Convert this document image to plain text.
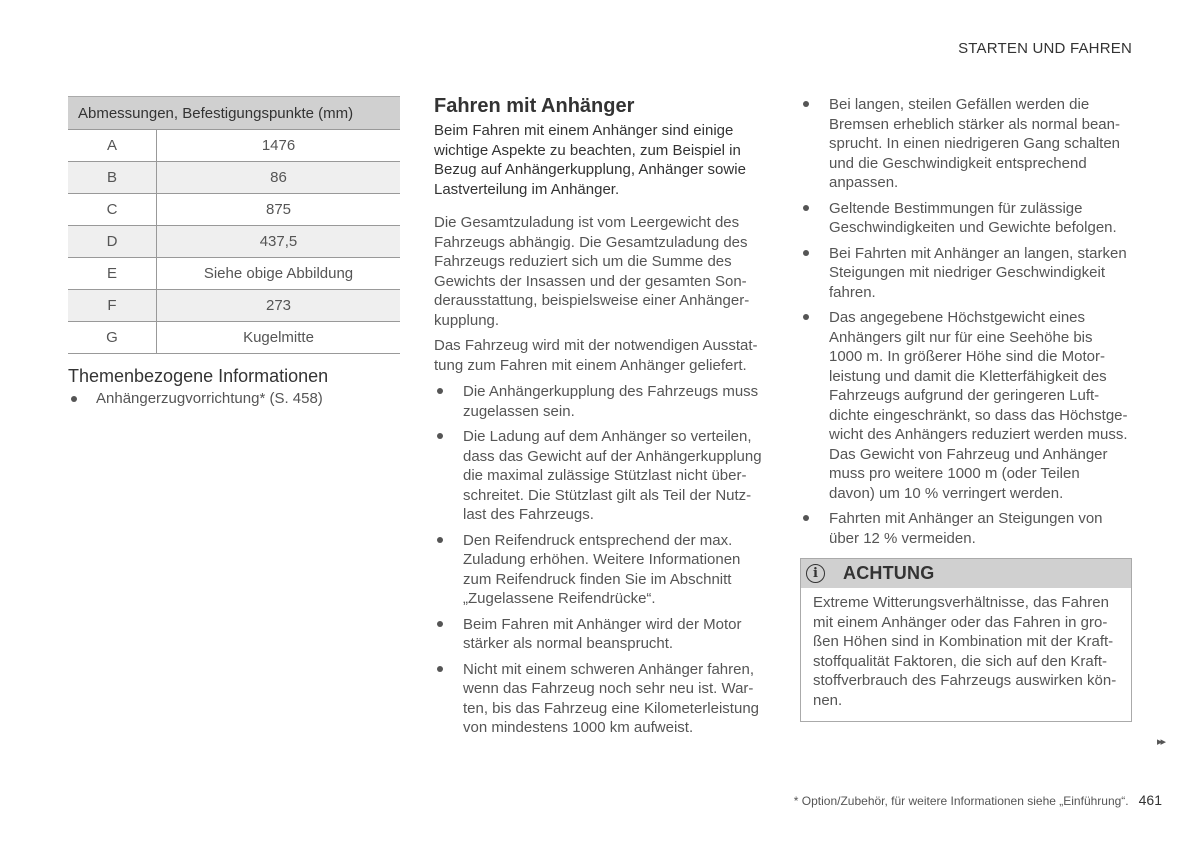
STARTEN UND FAHREN
Abmessungen, Befestigungspunkte (mm)	
A	1476
B	86
C	875
D	437,5
E	Siehe obige Abbildung
F	273
G	Kugelmitte
Themenbezogene Informationen
Anhängerzugvorrichtung* (S. 458)
Fahren mit Anhänger
Beim Fahren mit einem Anhänger sind einige
wichtige Aspekte zu beachten, zum Beispiel in
Bezug auf Anhängerkupplung, Anhänger sowie
Lastverteilung im Anhänger.
Die Gesamtzuladung ist vom Leergewicht des
Fahrzeugs abhängig. Die Gesamtzuladung des
Fahrzeugs reduziert sich um die Summe des
Gewichts der Insassen und der gesamten Son-
derausstattung, beispielsweise einer Anhänger-
kupplung.
Das Fahrzeug wird mit der notwendigen Ausstat-
tung zum Fahren mit einem Anhänger geliefert.
Die Anhängerkupplung des Fahrzeugs muss
zugelassen sein.
Die Ladung auf dem Anhänger so verteilen,
dass das Gewicht auf der Anhängerkupplung
die maximal zulässige Stützlast nicht über-
schreitet. Die Stützlast gilt als Teil der Nutz-
last des Fahrzeugs.
Den Reifendruck entsprechend der max.
Zuladung erhöhen. Weitere Informationen
zum Reifendruck finden Sie im Abschnitt
„Zugelassene Reifendrücke“.
Beim Fahren mit Anhänger wird der Motor
stärker als normal beansprucht.
Nicht mit einem schweren Anhänger fahren,
wenn das Fahrzeug noch sehr neu ist. War-
ten, bis das Fahrzeug eine Kilometerleistung
von mindestens 1000 km aufweist.
Bei langen, steilen Gefällen werden die
Bremsen erheblich stärker als normal bean-
sprucht. In einen niedrigeren Gang schalten
und die Geschwindigkeit entsprechend
anpassen.
Geltende Bestimmungen für zulässige
Geschwindigkeiten und Gewichte befolgen.
Bei Fahrten mit Anhänger an langen, starken
Steigungen mit niedriger Geschwindigkeit
fahren.
Das angegebene Höchstgewicht eines
Anhängers gilt nur für eine Seehöhe bis
1000 m. In größerer Höhe sind die Motor-
leistung und damit die Kletterfähigkeit des
Fahrzeugs aufgrund der geringeren Luft-
dichte eingeschränkt, so dass das Höchstge-
wicht des Anhängers reduziert werden muss.
Das Gewicht von Fahrzeug und Anhänger
muss pro weitere 1000 m (oder Teilen
davon) um 10 % verringert werden.
Fahrten mit Anhänger an Steigungen von
über 12 % vermeiden.
i	ACHTUNG
Extreme Witterungsverhältnisse, das Fahren
mit einem Anhänger oder das Fahren in gro-
ßen Höhen sind in Kombination mit der Kraft-
stoffqualität Faktoren, die sich auf den Kraft-
stoffverbrauch des Fahrzeugs auswirken kön-
nen.
▸▸
* Option/Zubehör, für weitere Informationen siehe „Einführung“. 461
